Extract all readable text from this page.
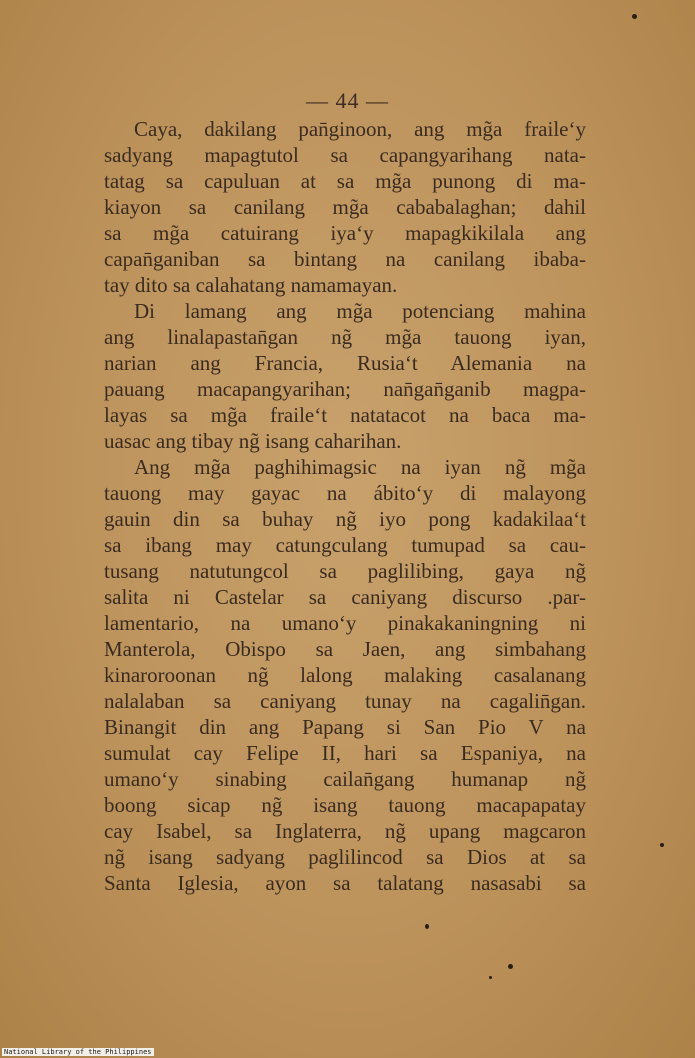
— 44 —
Caya, dakilang pan̄ginoon, ang mg̃a fraile‘y
sadyang mapagtutol sa capangyarihang nata-
tatag sa capuluan at sa mg̃a punong di ma-
kiayon sa canilang mg̃a cababalaghan; dahil
sa mg̃a catuirang iya‘y mapagkikilala ang
capan̄ganiban sa bintang na canilang ibaba-
tay dito sa calahatang namamayan.
Di lamang ang mg̃a potenciang mahina
ang linalapastan̄gan ng̃ mg̃a tauong iyan,
narian ang Francia, Rusia‘t Alemania na
pauang macapangyarihan; nan̄gan̄ganib magpa-
layas sa mg̃a fraile‘t natatacot na baca ma-
uasac ang tibay ng̃ isang caharihan.
Ang mg̃a paghihimagsic na iyan ng̃ mg̃a
tauong may gayac na ábito‘y di malayong
gauin din sa buhay ng̃ iyo pong kadakilaa‘t
sa ibang may catungculang tumupad sa cau-
tusang natutungcol sa paglilibing, gaya ng̃
salita ni Castelar sa caniyang discurso .par-
lamentario, na umano‘y pinakakaningning ni
Manterola, Obispo sa Jaen, ang simbahang
kinaroroonan ng̃ lalong malaking casalanang
nalalaban sa caniyang tunay na cagalin̄gan.
Binangit din ang Papang si San Pio V na
sumulat cay Felipe II, hari sa Espaniya, na
umano‘y sinabing cailan̄gang humanap ng̃
boong sicap ng̃ isang tauong macapapatay
cay Isabel, sa Inglaterra, ng̃ upang magcaron
ng̃ isang sadyang paglilincod sa Dios at sa
Santa Iglesia, ayon sa talatang nasasabi sa
National Library of the Philippines
